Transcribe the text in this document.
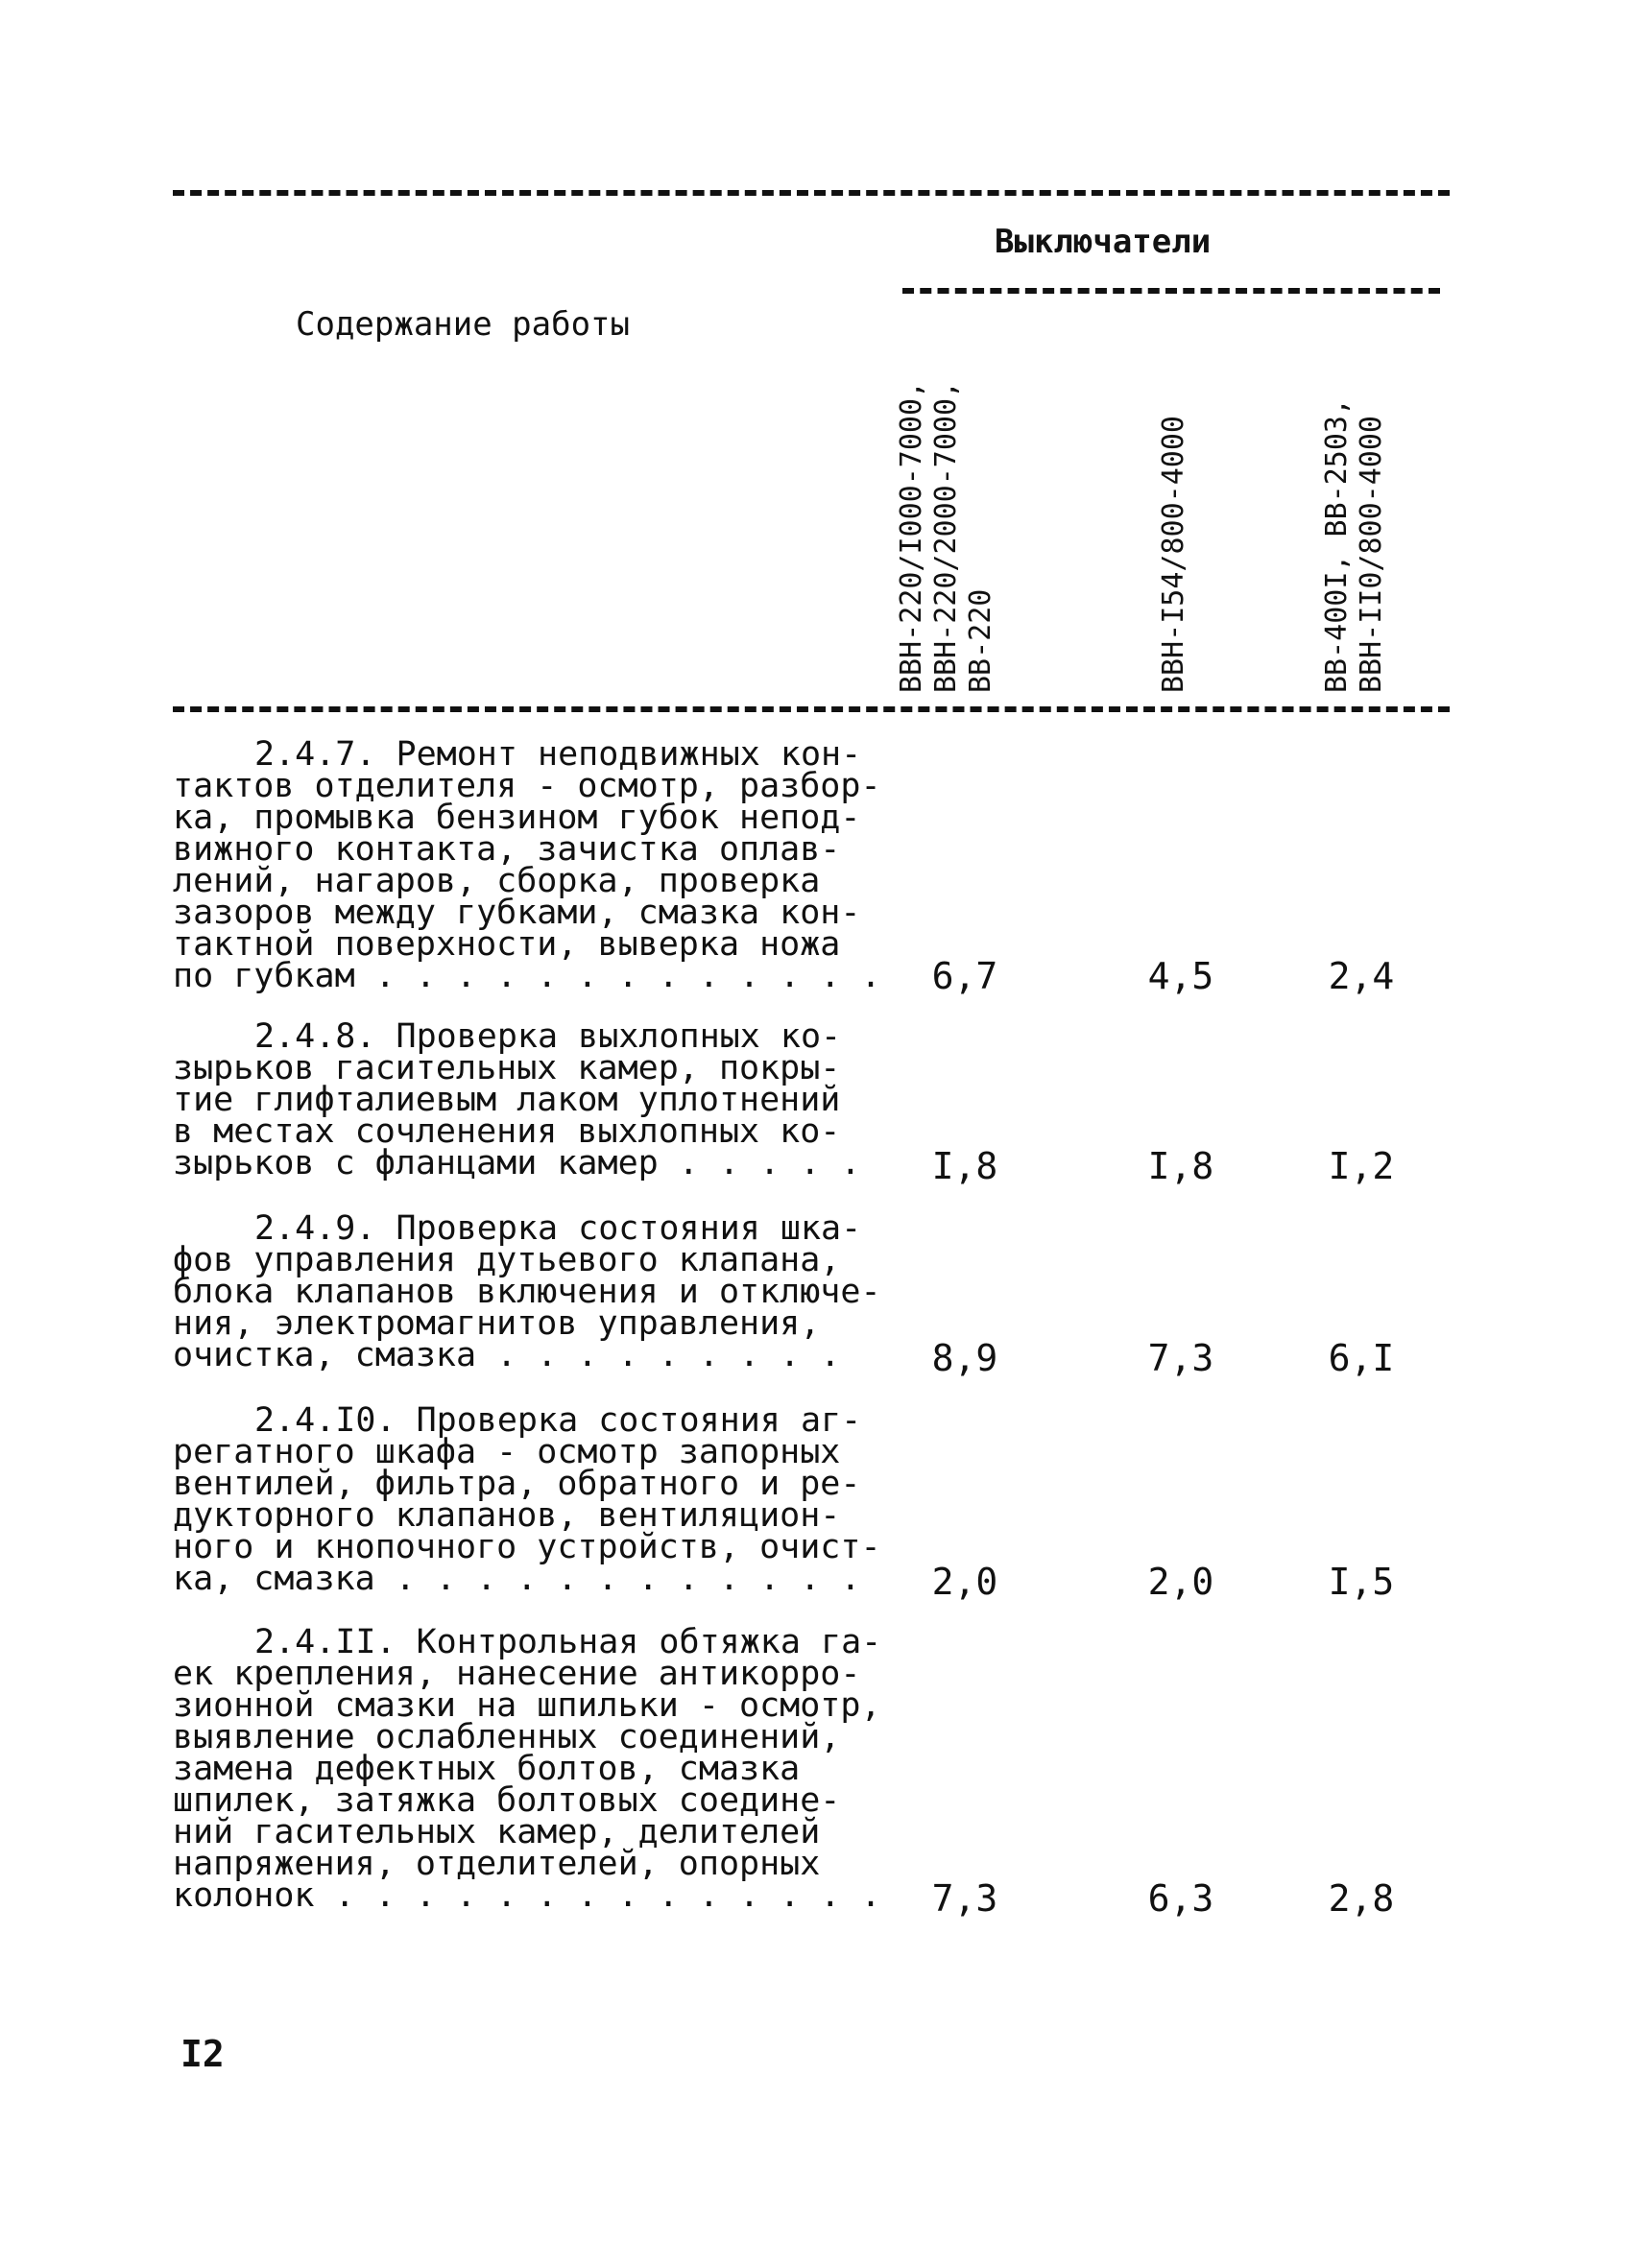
Содержание работы
Выключатели
ВВН-220/I000-7000, ВВН-220/2000-7000, ВВ-220	ВВН-I54/800-4000	ВВ-400I, ВВ-2503, ВВН-II0/800-4000
2.4.7. Ремонт неподвижных кон-
тактов отделителя - осмотр, разбор-
ка, промывка бензином губок непод-
вижного контакта, зачистка оплав-
лений, нагаров, сборка, проверка
зазоров между губками, смазка кон-
тактной поверхности, выверка ножа
по губкам . . . . . . . . . . . . .	6,7	4,5	2,4
2.4.8. Проверка выхлопных ко-
зырьков гасительных камер, покры-
тие глифталиевым лаком уплотнений
в местах сочленения выхлопных ко-
зырьков с фланцами камер . . . . .	I,8	I,8	I,2
2.4.9. Проверка состояния шка-
фов управления дутьевого клапана,
блока клапанов включения и отключе-
ния, электромагнитов управления,
очистка, смазка . . . . . . . . .	8,9	7,3	6,I
2.4.I0. Проверка состояния аг-
регатного шкафа - осмотр запорных
вентилей, фильтра, обратного и ре-
дукторного клапанов, вентиляцион-
ного и кнопочного устройств, очист-
ка, смазка . . . . . . . . . . . .	2,0	2,0	I,5
2.4.II. Контрольная обтяжка га-
ек крепления, нанесение антикорро-
зионной смазки на шпильки - осмотр,
выявление ослабленных соединений,
замена дефектных болтов, смазка
шпилек, затяжка болтовых соедине-
ний гасительных камер, делителей
напряжения, отделителей, опорных
колонок . . . . . . . . . . . . . .	7,3	6,3	2,8
I2
